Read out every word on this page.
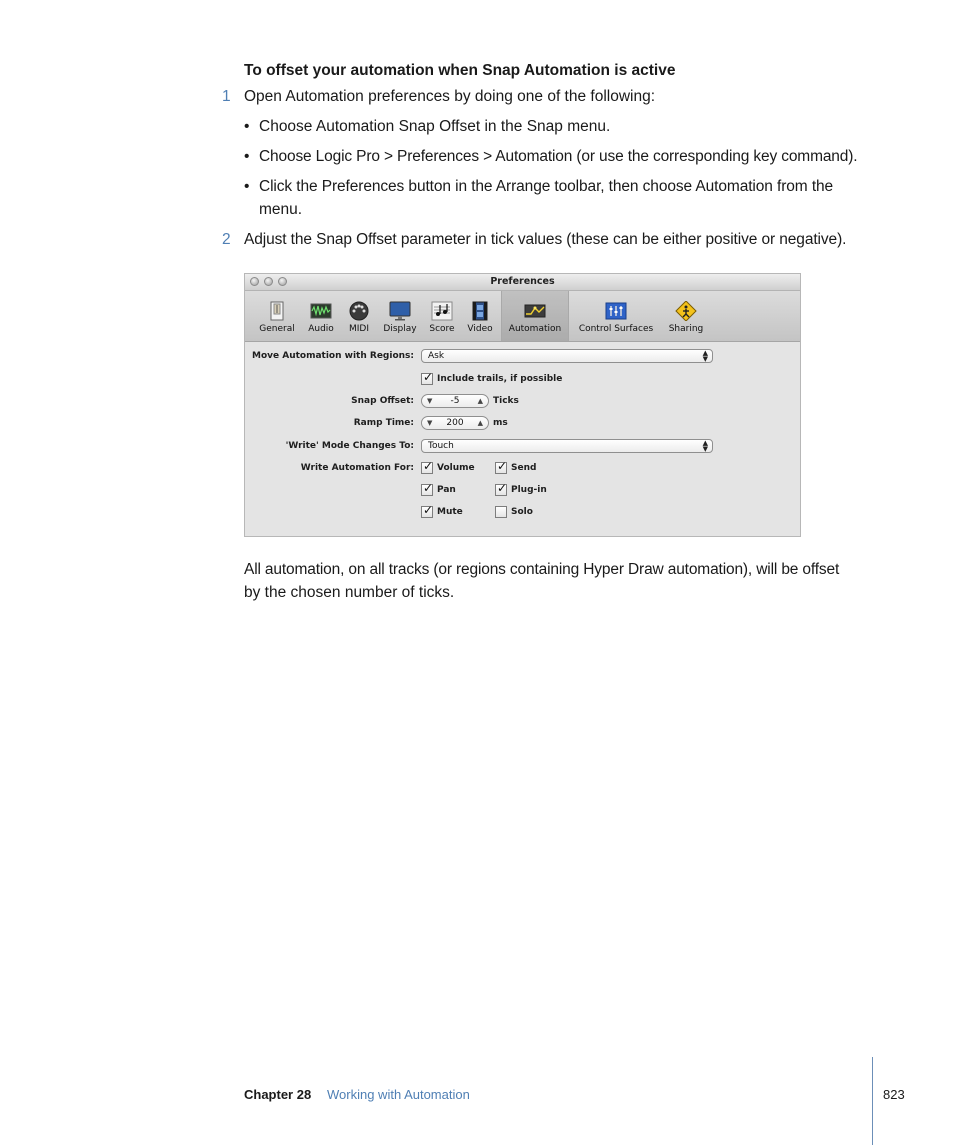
To offset your automation when Snap Automation is active
1 Open Automation preferences by doing one of the following:
• Choose Automation Snap Offset in the Snap menu.
• Choose Logic Pro > Preferences > Automation (or use the corresponding key command).
• Click the Preferences button in the Arrange toolbar, then choose Automation from the
menu.
2 Adjust the Snap Offset parameter in tick values (these can be either positive or negative).
Preferences
General	Audio	MIDI	Display	Score	Video	Automation	Control Surfaces	Sharing
Move Automation with Regions: Ask	▲
▼
✓ Include trails, if possible
Snap Offset: ▼	-5	▲ Ticks
Ramp Time: ▼	200	▲ ms
'Write' Mode Changes To: Touch	▲
▼
Write Automation For: ✓ Volume ✓ Send
✓ Pan	✓ Plug-in
✓ Mute	Solo
All automation, on all tracks (or regions containing Hyper Draw automation), will be offset
by the chosen number of ticks.
Chapter 28 Working with Automation	823
